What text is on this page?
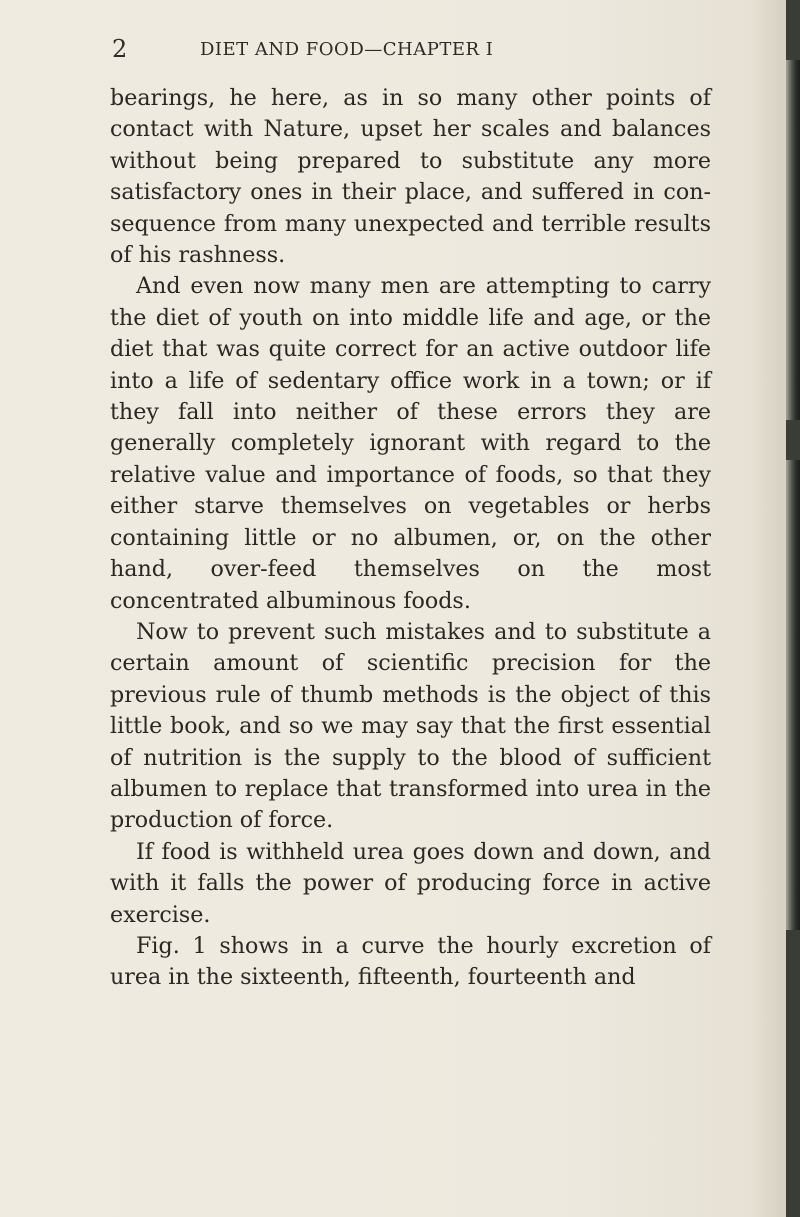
2	DIET AND FOOD—CHAPTER I

bearings, he here, as in so many other points of contact with Nature, upset her scales and balances without being prepared to substitute any more satisfactory ones in their place, and suffered in con-sequence from many unexpected and terrible results of his rashness.

And even now many men are attempting to carry the diet of youth on into middle life and age, or the diet that was quite correct for an active outdoor life into a life of sedentary office work in a town; or if they fall into neither of these errors they are generally completely ignorant with regard to the relative value and importance of foods, so that they either starve themselves on vegetables or herbs containing little or no albumen, or, on the other hand, over-feed themselves on the most concentrated albuminous foods.

Now to prevent such mistakes and to substitute a certain amount of scientific precision for the previous rule of thumb methods is the object of this little book, and so we may say that the first essential of nutrition is the supply to the blood of sufficient albumen to replace that transformed into urea in the production of force.

If food is withheld urea goes down and down, and with it falls the power of producing force in active exercise.

Fig. 1 shows in a curve the hourly excretion of urea in the sixteenth, fifteenth, fourteenth and
